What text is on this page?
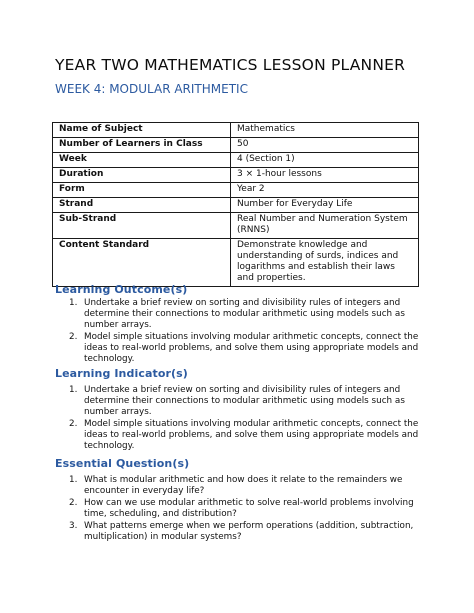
YEAR TWO MATHEMATICS LESSON PLANNER
WEEK 4: MODULAR ARITHMETIC
Name of Subject	Mathematics
Number of Learners in Class	50
Week	4 (Section 1)
Duration	3 × 1-hour lessons
Form	Year 2
Strand	Number for Everyday Life
Sub-Strand	Real Number and Numeration System (RNNS)
Content Standard	Demonstrate knowledge and understanding of surds, indices and logarithms and establish their laws and properties.
Learning Outcome(s)
1. Undertake a brief review on sorting and divisibility rules of integers and determine their connections to modular arithmetic using models such as number arrays.
2. Model simple situations involving modular arithmetic concepts, connect the ideas to real-world problems, and solve them using appropriate models and technology.
Learning Indicator(s)
1. Undertake a brief review on sorting and divisibility rules of integers and determine their connections to modular arithmetic using models such as number arrays.
2. Model simple situations involving modular arithmetic concepts, connect the ideas to real-world problems, and solve them using appropriate models and technology.
Essential Question(s)
1. What is modular arithmetic and how does it relate to the remainders we encounter in everyday life?
2. How can we use modular arithmetic to solve real-world problems involving time, scheduling, and distribution?
3. What patterns emerge when we perform operations (addition, subtraction, multiplication) in modular systems?
